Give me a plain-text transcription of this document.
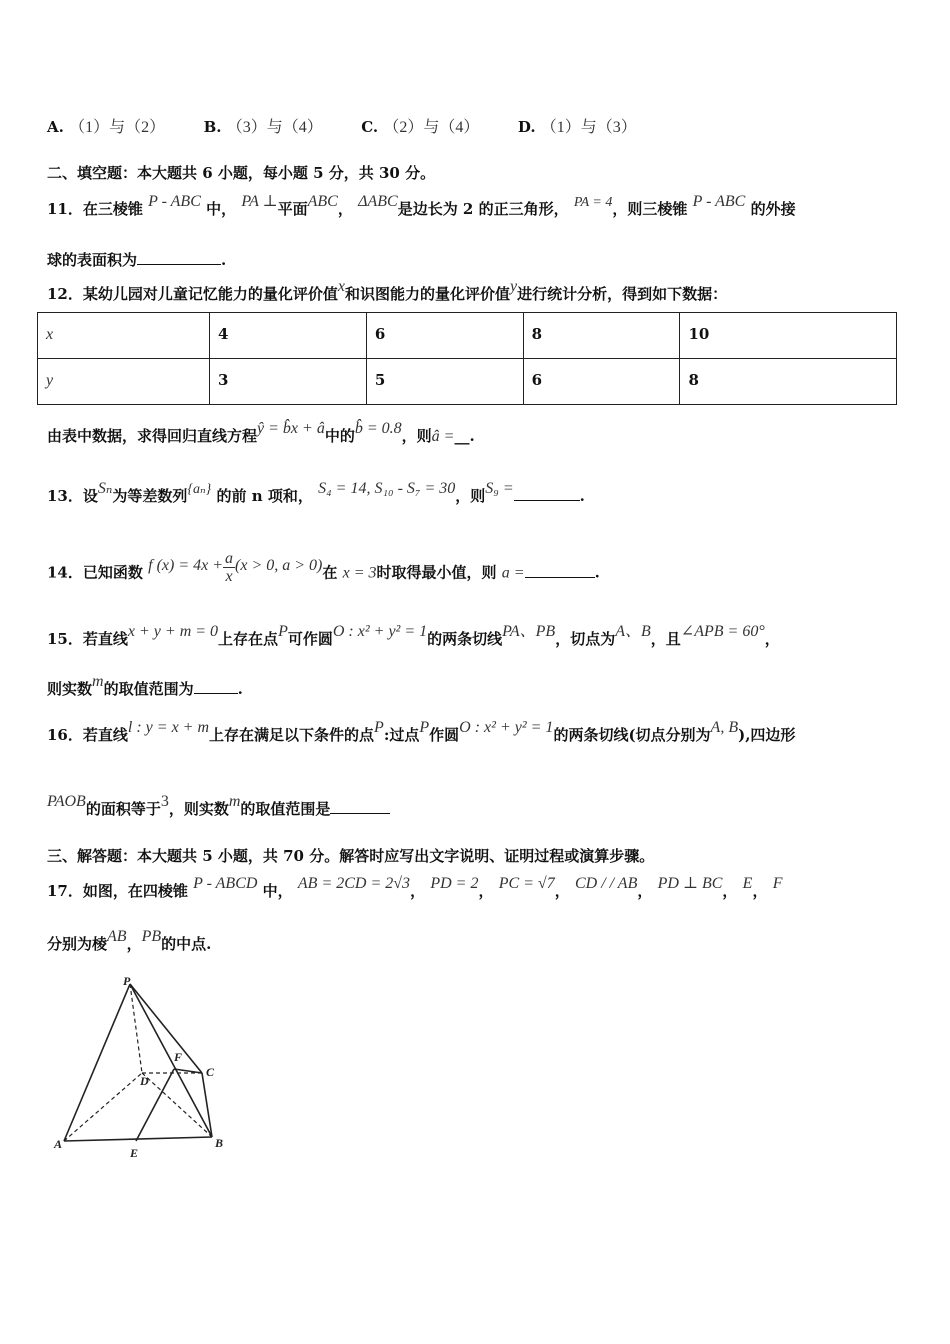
A. （1）与（2）	B. （3）与（4）	C. （2）与（4）	D. （1）与（3）
二、填空题：本大题共 6 小题，每小题 5 分，共 30 分。
11．在三棱锥 P - ABC 中， PA ⊥平面ABC， ΔABC是边长为 2 的正三角形， PA = 4，则三棱锥 P - ABC 的外接
球的表面积为	.
12．某幼儿园对儿童记忆能力的量化评价值x和识图能力的量化评价值y进行统计分析，得到如下数据：
x	4	6	8	10
y	3	5	6	8
由表中数据，求得回归直线方程ŷ = b̂x + â中的b̂ = 0.8，则â =__.
13．设Sₙ为等差数列{aₙ} 的前 n 项和， S₄ = 14, S₁₀ - S₇ = 30，则S₉ =	.
14．已知函数 f $(x) = 4x + \frac{a}{x} (x > 0$, a > 0)在 x = 3时取得最小值，则 a =	.
15．若直线x + y + m = 0上存在点P可作圆O : x² + y² = 1的两条切线PA、PB，切点为A、B，且∠APB = 60°，
则实数m的取值范围为	.
16．若直线l : y = x + m上存在满足以下条件的点P:过点P作圆O : x² + y² = 1的两条切线(切点分别为A, B),四边形
PAOB的面积等于3，则实数m的取值范围是
三、解答题：本大题共 5 小题，共 70 分。解答时应写出文字说明、证明过程或演算步骤。
17．如图，在四棱锥 P - ABCD 中， AB = 2CD = 2√3， PD = 2， PC = √7， CD / / AB， PD ⊥ BC， E， F
分别为棱AB，PB的中点.
P
A	B
C
D
E
F
